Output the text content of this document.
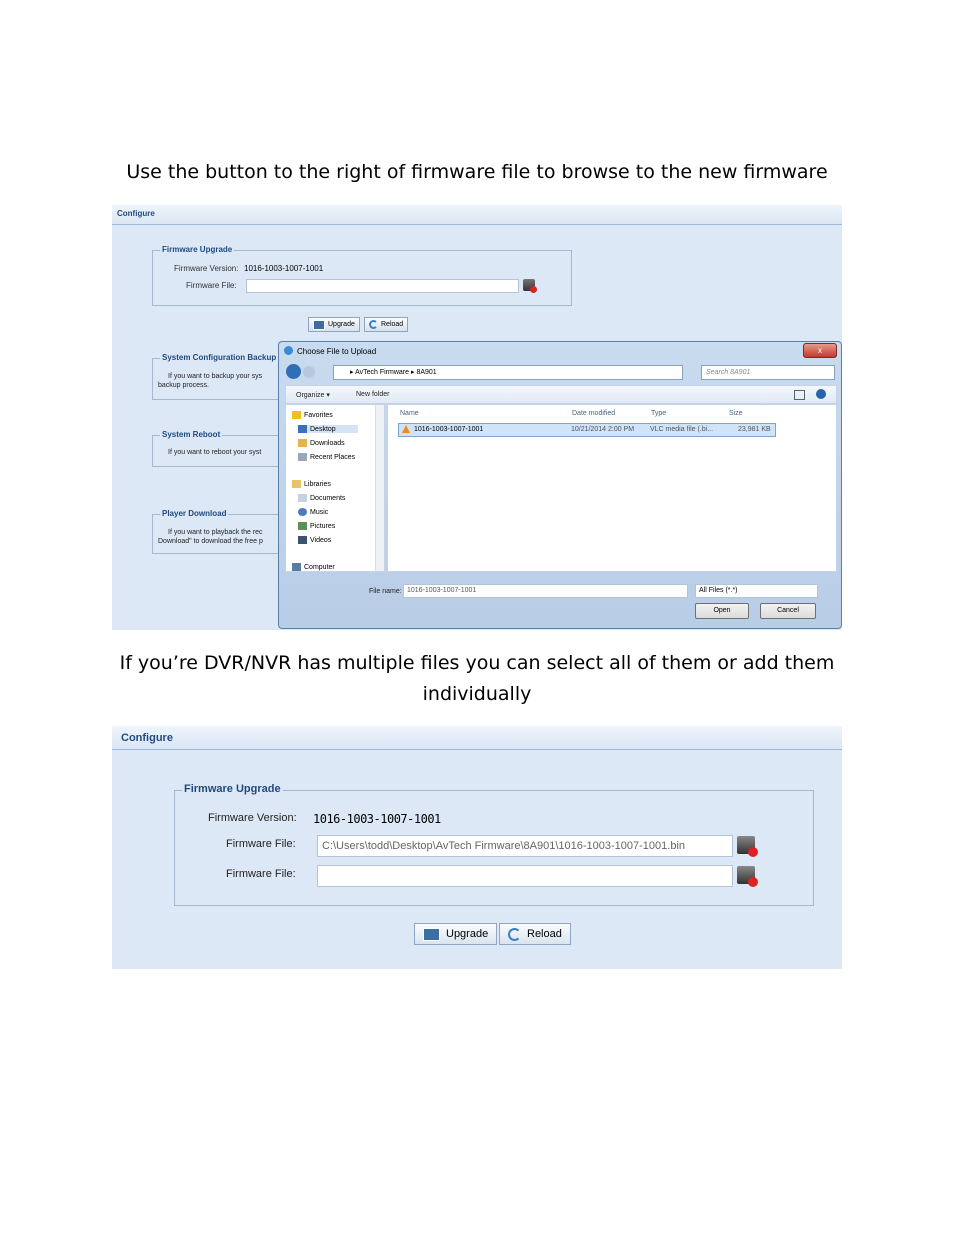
Use the button to the right of firmware file to browse to the new firmware
Configure
Firmware Upgrade
Firmware Version: 1016-1003-1007-1001
Firmware File:
Upgrade	Reload
System Configuration Backup
If you want to backup your sys
backup process.
System Reboot
If you want to reboot your syst
Player Download
If you want to playback the rec
Download" to download the free p
Choose File to Upload	x
▸ AvTech Firmware ▸ 8A901	Search 8A901
Organize ▾	New folder
Favorites
Desktop
Downloads
Recent Places
Libraries
Documents
Music
Pictures
Videos
Computer
Name	Date modified	Type	Size
1016-1003-1007-1001	10/21/2014 2:00 PM VLC media file (.bi...	23,981 KB
File name: 1016-1003-1007-1001	All Files (*.*)
Open	Cancel
If you’re DVR/NVR has multiple files you can select all of them or add them individually
Configure
Firmware Upgrade
Firmware Version: 1016-1003-1007-1001
Firmware File:	C:\Users\todd\Desktop\AvTech Firmware\8A901\1016-1003-1007-1001.bin
Firmware File:
Upgrade	Reload
